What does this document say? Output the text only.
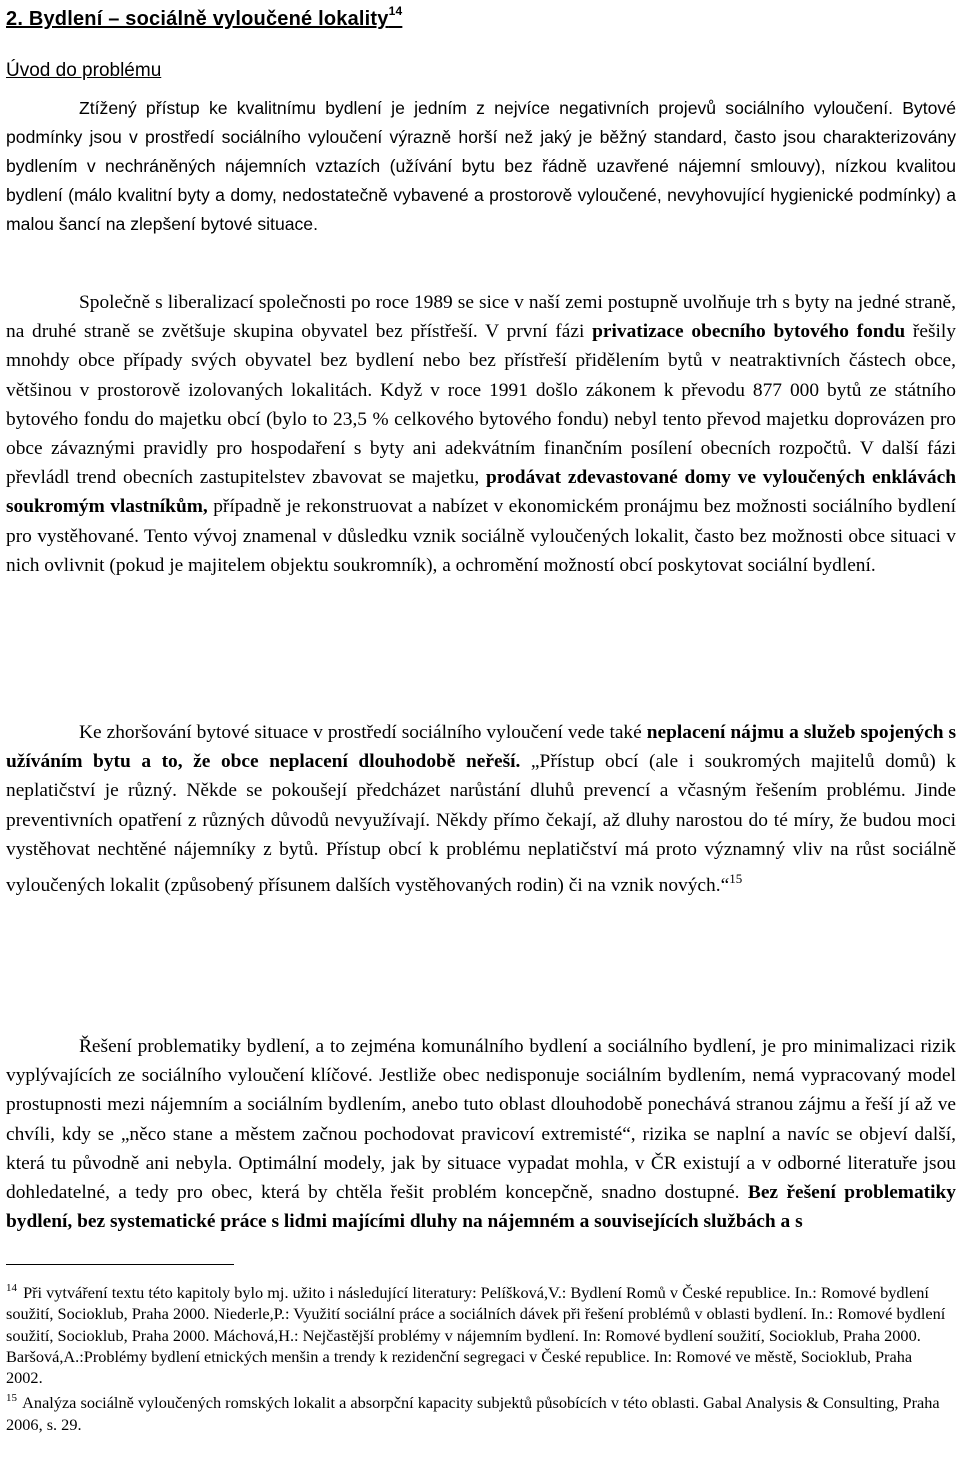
2. Bydlení – sociálně vyloučené lokality$^{14}$
Úvod do problému

Ztížený přístup ke kvalitnímu bydlení je jedním z nejvíce negativních projevů sociálního vyloučení. Bytové podmínky jsou v prostředí sociálního vyloučení výrazně horší než jaký je běžný standard, často jsou charakterizovány bydlením v nechráněných nájemních vztazích (užívání bytu bez řádně uzavřené nájemní smlouvy), nízkou kvalitou bydlení (málo kvalitní byty a domy, nedostatečně vybavené a prostorově vyloučené, nevyhovující hygienické podmínky) a malou šancí na zlepšení bytové situace.

Společně s liberalizací společnosti po roce 1989 se sice v naší zemi postupně uvolňuje trh s byty na jedné straně, na druhé straně se zvětšuje skupina obyvatel bez přístřeší. V první fázi privatizace obecního bytového fondu řešily mnohdy obce případy svých obyvatel bez bydlení nebo bez přístřeší přidělením bytů v neatraktivních částech obce, většinou v prostorově izolovaných lokalitách. Když v roce 1991 došlo zákonem k převodu 877 000 bytů ze státního bytového fondu do majetku obcí (bylo to 23,5 % celkového bytového fondu) nebyl tento převod majetku doprovázen pro obce závaznými pravidly pro hospodaření s byty ani adekvátním finančním posílení obecních rozpočtů. V další fázi převládl trend obecních zastupitelstev zbavovat se majetku, prodávat zdevastované domy ve vyloučených enklávách soukromým vlastníkům, případně je rekonstruovat a nabízet v ekonomickém pronájmu bez možnosti sociálního bydlení pro vystěhované. Tento vývoj znamenal v důsledku vznik sociálně vyloučených lokalit, často bez možnosti obce situaci v nich ovlivnit (pokud je majitelem objektu soukromník), a ochromění možností obcí poskytovat sociální bydlení.

Ke zhoršování bytové situace v prostředí sociálního vyloučení vede také neplacení nájmu a služeb spojených s užíváním bytu a to, že obce neplacení dlouhodobě neřeší. „Přístup obcí (ale i soukromých majitelů domů) k neplatičství je různý. Někde se pokoušejí předcházet narůstání dluhů prevencí a včasným řešením problému. Jinde preventivních opatření z různých důvodů nevyužívají. Někdy přímo čekají, až dluhy narostou do té míry, že budou moci vystěhovat nechtěné nájemníky z bytů. Přístup obcí k problému neplatičství má proto významný vliv na růst sociálně vyloučených lokalit (způsobený přísunem dalších vystěhovaných rodin) či na vznik nových.“$^{15}$

Řešení problematiky bydlení, a to zejména komunálního bydlení a sociálního bydlení, je pro minimalizaci rizik vyplývajících ze sociálního vyloučení klíčové. Jestliže obec nedisponuje sociálním bydlením, nemá vypracovaný model prostupnosti mezi nájemním a sociálním bydlením, anebo tuto oblast dlouhodobě ponechává stranou zájmu a řeší jí až ve chvíli, kdy se „něco stane a městem začnou pochodovat pravicoví extremisté“, rizika se naplní a navíc se objeví další, která tu původně ani nebyla. Optimální modely, jak by situace vypadat mohla, v ČR existují a v odborné literatuře jsou dohledatelné, a tedy pro obec, která by chtěla řešit problém koncepčně, snadno dostupné. Bez řešení problematiky bydlení, bez systematické práce s lidmi majícími dluhy na nájemném a souvisejících službách a s

$^{14}$ Při vytváření textu této kapitoly bylo mj. užito i následující literatury: Pelíšková,V.: Bydlení Romů v České republice. In.: Romové bydlení soužití, Socioklub, Praha 2000. Niederle,P.: Využití sociální práce a sociálních dávek při řešení problémů v oblasti bydlení. In.: Romové bydlení soužití, Socioklub, Praha 2000. Máchová,H.: Nejčastější problémy v nájemním bydlení. In: Romové bydlení soužití, Socioklub, Praha 2000. Baršová,A.:Problémy bydlení etnických menšin a trendy k rezidenční segregaci v České republice. In: Romové ve městě, Socioklub, Praha 2002.

$^{15}$ Analýza sociálně vyloučených romských lokalit a absorpční kapacity subjektů působících v této oblasti. Gabal Analysis & Consulting, Praha 2006, s. 29.
